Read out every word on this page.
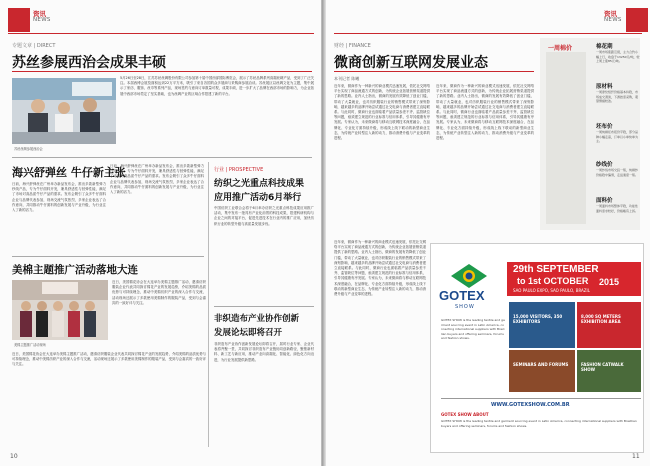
资讯
NEWS
专题文章 | DIRECT
苏丝参展西治会成果丰硕
5月26日至28日，江苏苏丝丝绸股份有限公司参加第十届中国西部国际博览会，展示了苏丝品牌系列高端丝绸产品，受到了广泛关注。本届西博会展览面积达到22万平方米，吸引了来自各国的众多展商与采购商参展洽谈。苏丝展区以丝绸文化为主题，集中展示了家纺、服饰、丝巾等系列产品，现场签约与意向订单数量可观，成果丰硕，进一步扩大了品牌在西部市场的影响力，为企业拓展中西部市场奠定了坚实基础，也为丝绸产业的区域合作搭建了新的平台。
苏丝丝绸参展西治会
海兴舒弹丝 牛仔新主张
日前，海兴舒弹丝在广州举办新品发布会，推出多款新型弹力纱线产品，专为牛仔面料开发，兼具舒适性与回弹性能，满足了市场对高品质牛仔产品的需求。发布会吸引了众多牛仔面料企业与品牌代表参加，现场交流气氛热烈，多家企业表达了合作意向，共同推动牛仔面料的创新发展与产业升级，为行业注入了新的活力。
日前，海兴舒弹丝在广州举办新品发布会，推出多款新型弹力纱线产品，专为牛仔面料开发，兼具舒适性与回弹性能，满足了市场对高品质牛仔产品的需求。发布会吸引了众多牛仔面料企业与品牌代表参加，现场交流气氛热烈，多家企业表达了合作意向，共同推动牛仔面料的创新发展与产业升级，为行业注入了新的活力。
美棉主题推广活动落地大连
美棉主题推广活动现场
近日，美国棉花协会在大连举办美棉主题推广活动，邀请纺织服装企业代表共同探讨棉花产业的发展趋势，介绍美棉的品质优势与可持续理念，推动中美棉纺织产业的深入合作与交流，活动现场还展示了多款使用美棉制作的服装产品，受到与会嘉宾的一致好评与关注。
近日，美国棉花协会在大连举办美棉主题推广活动，邀请纺织服装企业代表共同探讨棉花产业的发展趋势，介绍美棉的品质优势与可持续理念，推动中美棉纺织产业的深入合作与交流，活动现场还展示了多款使用美棉制作的服装产品，受到与会嘉宾的一致好评与关注。
行业 | PROSPECTIVE
纺织之光重点科技成果
应用推广活动6月举行
中国纺织工业联合会将于6月举办纺织之光重点科技成果应用推广活动，集中发布一批具有产业化前景的科技成果，搭建科研机构与企业之间的对接平台，促进先进技术在行业内的推广应用，加快纺织行业的转型升级与高质量发展步伐。
非织造布产业协作创新
发展论坛即将召开
非织造布产业协作创新发展论坛即将召开，届时行业专家、企业代表将齐聚一堂，共同探讨非织造布产业链协同创新路径，聚焦新材料、新工艺与新应用，推动产业向高端化、智能化、绿色化方向迈进，为行业发展提供新思路。
10
资讯
NEWS
财经 | FINANCE
微商创新互联网发展业态
本刊记者 陈曦
近年来，微商作为一种新兴的商业模式迅速发展，依托社交网络平台实现了商品流通方式的创新，为传统企业拓展营销渠道提供了新的思路。业内人士指出，微商的发展有效降低了创业门槛，带动了大量就业，也对纺织服装行业的销售模式带来了深刻影响，越来越多的品牌开始尝试通过社交电商与消费者建立直接联系。与此同时，微商行业也面临着产品质量参差不齐、监管缺位等问题，亟须建立规范的行业标准与信用体系，引导其健康有序发展。专家认为，未来微商将与移动互联网技术深度融合，在品牌化、专业化方面持续升级，形成线上线下联动的新型商业生态，为传统产业转型注入新的动力，推动消费升级与产业变革的进程。
近年来，微商作为一种新兴的商业模式迅速发展，依托社交网络平台实现了商品流通方式的创新，为传统企业拓展营销渠道提供了新的思路。业内人士指出，微商的发展有效降低了创业门槛，带动了大量就业，也对纺织服装行业的销售模式带来了深刻影响，越来越多的品牌开始尝试通过社交电商与消费者建立直接联系。与此同时，微商行业也面临着产品质量参差不齐、监管缺位等问题，亟须建立规范的行业标准与信用体系，引导其健康有序发展。专家认为，未来微商将与移动互联网技术深度融合，在品牌化、专业化方面持续升级，形成线上线下联动的新型商业生态，为传统产业转型注入新的动力，推动消费升级与产业变革的进程。
一周棉价	棉花期
一周市场涨跌互现，主力合约小幅上行，收盘于13250元/吨，较上周上涨85元/吨。
原材料
一周涤纶短纤价格基本持稳，市场成交清淡，下游按需采购，观望情绪较浓。
坯布价
一周纯棉坯布报价平稳，部分品种小幅走高，订单以小单快单为主。
纱线价
一周纱线市场交投一般，纯棉纱价格稳中偏弱，走货速度一般。
面料价
一周面料市场整体平稳，功能性面料需求较好，价格略有上扬。
近年来，微商作为一种新兴的商业模式迅速发展，依托社交网络平台实现了商品流通方式的创新，为传统企业拓展营销渠道提供了新的思路。业内人士指出，微商的发展有效降低了创业门槛，带动了大量就业，也对纺织服装行业的销售模式带来了深刻影响，越来越多的品牌开始尝试通过社交电商与消费者建立直接联系。与此同时，微商行业也面临着产品质量参差不齐、监管缺位等问题，亟须建立规范的行业标准与信用体系，引导其健康有序发展。专家认为，未来微商将与移动互联网技术深度融合，在品牌化、专业化方面持续升级，形成线上线下联动的新型商业生态，为传统产业转型注入新的动力，推动消费升级与产业变革的进程。	GOTEX
SHOW
29th SEPTEMBER
to 1st OCTOBER 2015
SAO PAULO EXPO, SAO PAULO, BRAZIL
GOTEX SHOW is the leading textile and garment sourcing event in Latin America, connecting international suppliers with Brazilian buyers and offering seminars, forums and fashion shows.
15,000 VISITORS, 350 EXHIBITORS
8,000 SQ METERS EXHIBITION AREA
SEMINARS AND FORUMS	FASHION CATWALK SHOW
WWW.GOTEXSHOW.COM.BR
GOTEX SHOW ABOUT
GOTEX SHOW is the leading textile and garment sourcing event in Latin America, connecting international suppliers with Brazilian buyers and offering seminars, forums and fashion shows.
11
